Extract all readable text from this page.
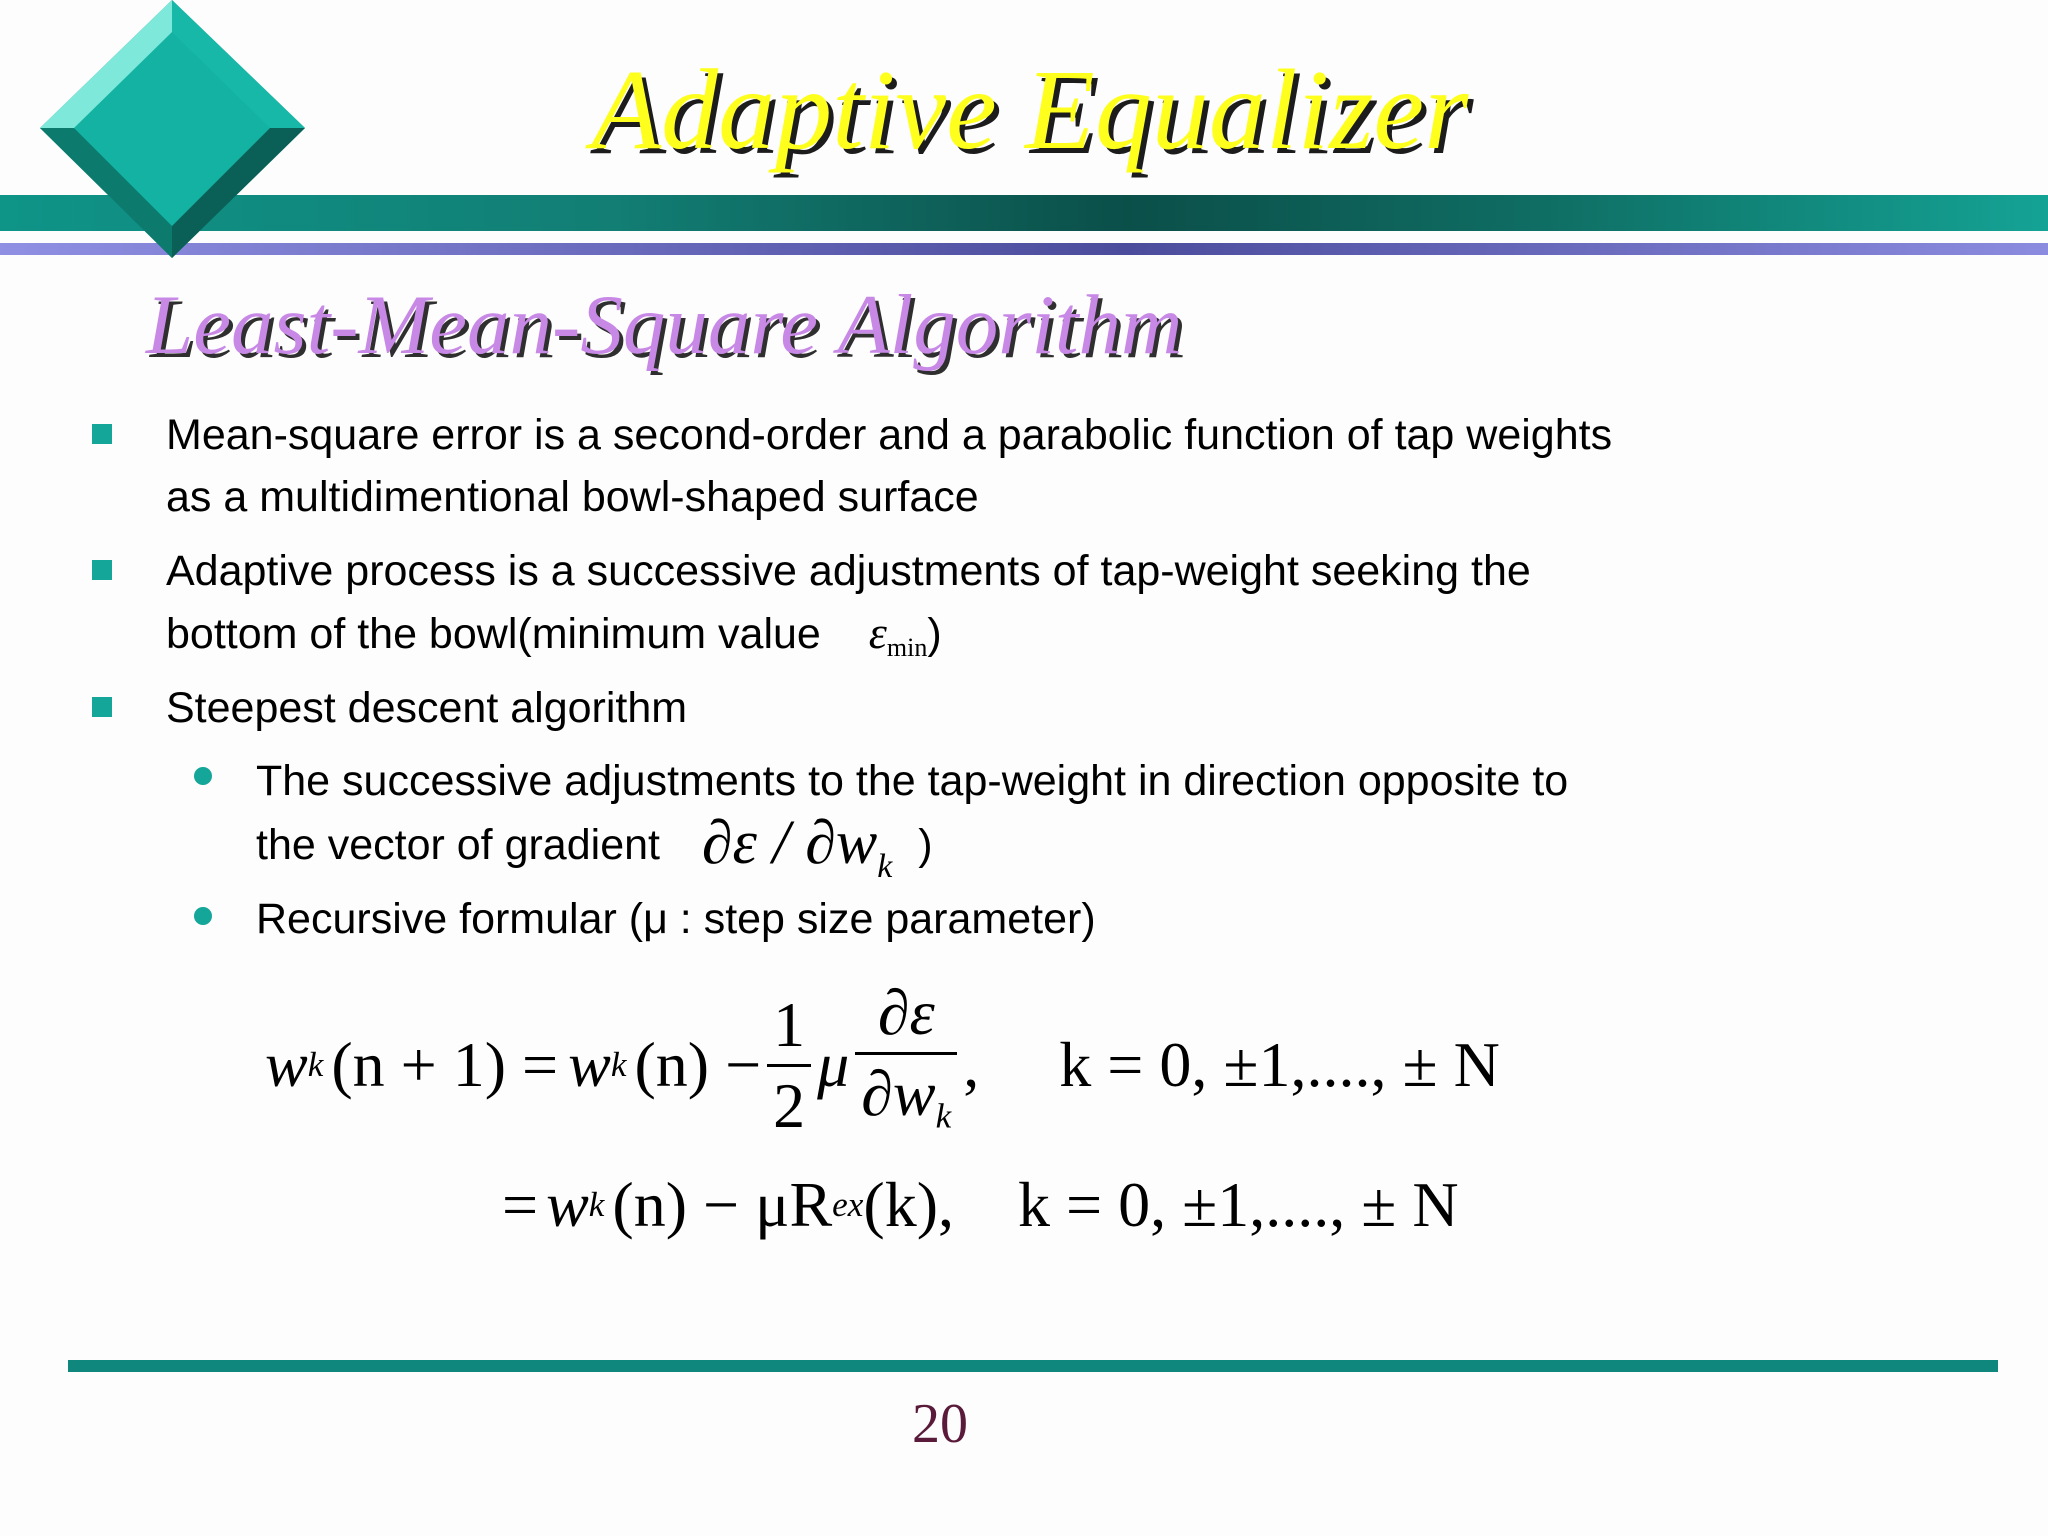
Adaptive Equalizer
Least-Mean-Square Algorithm
Mean-square error is a second-order and a parabolic function of tap weights
as a multidimentional bowl-shaped surface
Adaptive process is a successive adjustments of tap-weight seeking the
bottom of the bowl(minimum value εmin)
Steepest descent algorithm
The successive adjustments to the tap-weight in direction opposite to
the vector of gradient $\partial\varepsilon / \partial w_k$ )
Recursive formular (μ : step size parameter)
w k (n + 1) = w k $(n) - \frac{1}{2}$ μ $\frac{\partial\varepsilon}{\partial w_k}$ ,     k = 0, ±1,...., ± N
= w k (n) − μR ex (k),    k = 0, ±1,...., ± N
20
